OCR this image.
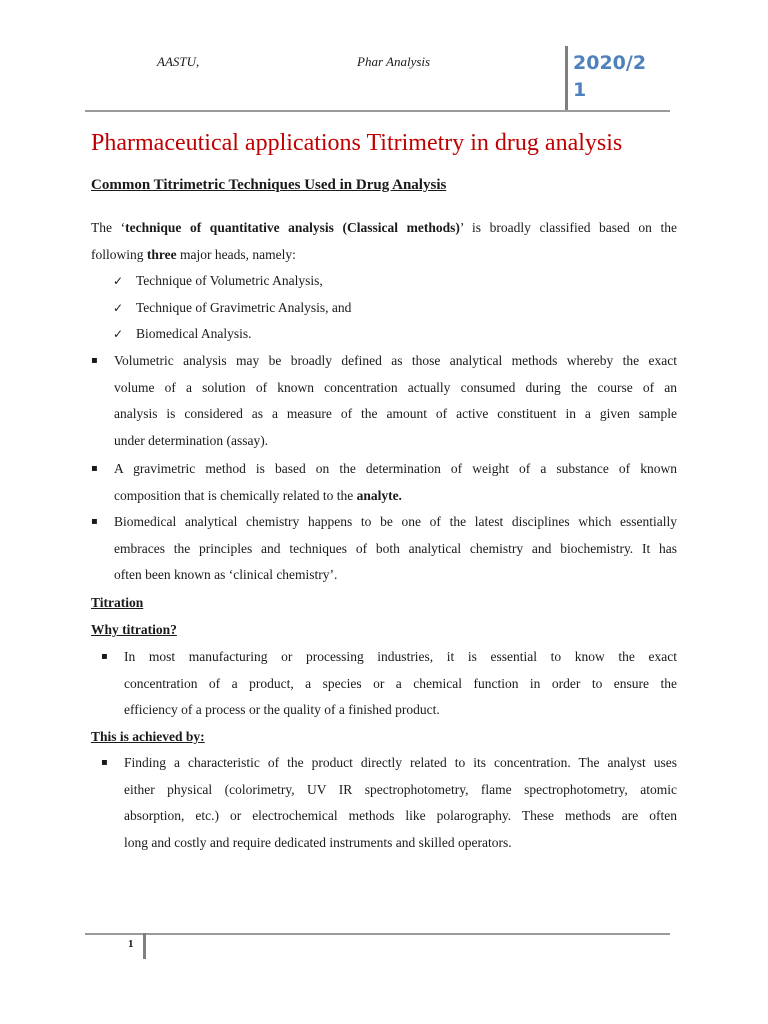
AASTU,	Phar Analysis	2020/2
1
Pharmaceutical applications Titrimetry in drug analysis
Common Titrimetric Techniques Used in Drug Analysis
The ‘technique of quantitative analysis (Classical methods)’ is broadly classified based on the
following three major heads, namely:
✓ Technique of Volumetric Analysis,
✓ Technique of Gravimetric Analysis, and
✓ Biomedical Analysis.
▪ Volumetric analysis may be broadly defined as those analytical methods whereby the exact
volume of a solution of known concentration actually consumed during the course of an
analysis is considered as a measure of the amount of active constituent in a given sample
under determination (assay).
▪ A gravimetric method is based on the determination of weight of a substance of known
composition that is chemically related to the analyte.
▪ Biomedical analytical chemistry happens to be one of the latest disciplines which essentially
embraces the principles and techniques of both analytical chemistry and biochemistry. It has
often been known as ‘clinical chemistry’.
Titration
Why titration?
▪ In most manufacturing or processing industries, it is essential to know the exact
concentration of a product, a species or a chemical function in order to ensure the
efficiency of a process or the quality of a finished product.
This is achieved by:
▪ Finding a characteristic of the product directly related to its concentration. The analyst uses
either physical (colorimetry, UV IR spectrophotometry, flame spectrophotometry, atomic
absorption, etc.) or electrochemical methods like polarography. These methods are often
long and costly and require dedicated instruments and skilled operators.
1
